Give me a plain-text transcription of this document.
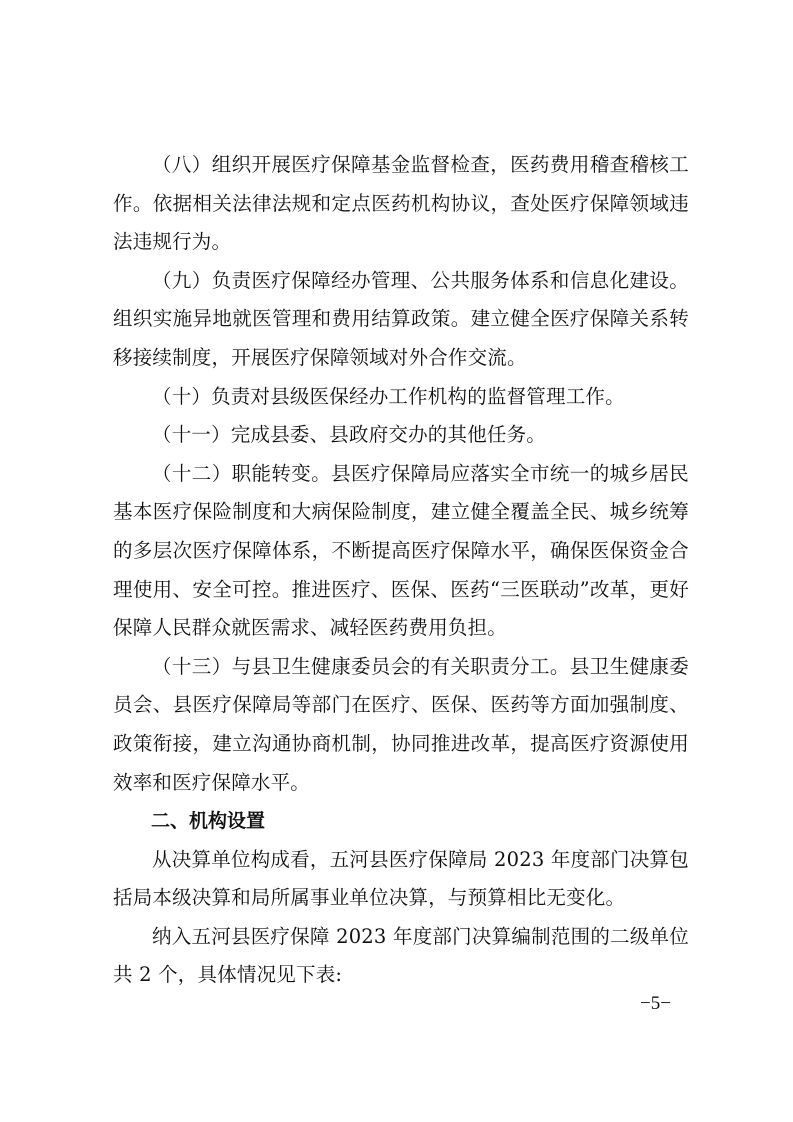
（八）组织开展医疗保障基金监督检查，医药费用稽查稽核工作。依据相关法律法规和定点医药机构协议，查处医疗保障领域违法违规行为。

（九）负责医疗保障经办管理、公共服务体系和信息化建设。组织实施异地就医管理和费用结算政策。建立健全医疗保障关系转移接续制度，开展医疗保障领域对外合作交流。

（十）负责对县级医保经办工作机构的监督管理工作。

（十一）完成县委、县政府交办的其他任务。

（十二）职能转变。县医疗保障局应落实全市统一的城乡居民基本医疗保险制度和大病保险制度，建立健全覆盖全民、城乡统筹的多层次医疗保障体系，不断提高医疗保障水平，确保医保资金合理使用、安全可控。推进医疗、医保、医药“三医联动”改革，更好保障人民群众就医需求、减轻医药费用负担。

（十三）与县卫生健康委员会的有关职责分工。县卫生健康委员会、县医疗保障局等部门在医疗、医保、医药等方面加强制度、政策衔接，建立沟通协商机制，协同推进改革，提高医疗资源使用效率和医疗保障水平。

二、机构设置

从决算单位构成看，五河县医疗保障局 2023 年度部门决算包括局本级决算和局所属事业单位决算，与预算相比无变化。

纳入五河县医疗保障 2023 年度部门决算编制范围的二级单位共 2 个，具体情况见下表:

−5−
